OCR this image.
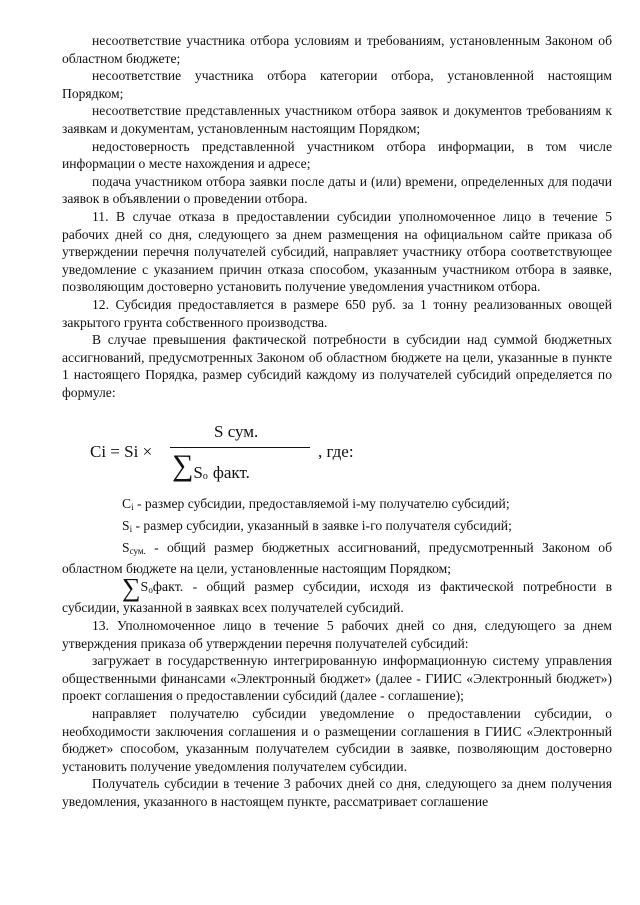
несоответствие участника отбора условиям и требованиям, установленным Законом об областном бюджете;

несоответствие участника отбора категории отбора, установленной настоящим Порядком;

несоответствие представленных участником отбора заявок и документов требованиям к заявкам и документам, установленным настоящим Порядком;

недостоверность представленной участником отбора информации, в том числе информации о месте нахождения и адресе;

подача участником отбора заявки после даты и (или) времени, определенных для подачи заявок в объявлении о проведении отбора.

11. В случае отказа в предоставлении субсидии уполномоченное лицо в течение 5 рабочих дней со дня, следующего за днем размещения на официальном сайте приказа об утверждении перечня получателей субсидий, направляет участнику отбора соответствующее уведомление с указанием причин отказа способом, указанным участником отбора в заявке, позволяющим достоверно установить получение уведомления участником отбора.

12. Субсидия предоставляется в размере 650 руб. за 1 тонну реализованных овощей закрытого грунта собственного производства.

В случае превышения фактической потребности в субсидии над суммой бюджетных ассигнований, предусмотренных Законом об областном бюджете на цели, указанные в пункте 1 настоящего Порядка, размер субсидий каждому из получателей субсидий определяется по формуле:

Ci = Si ×
S сум.
∑ S о факт.
, где:

Ci - размер субсидии, предоставляемой i-му получателю субсидий;

Si - размер субсидии, указанный в заявке i-го получателя субсидий;

Sсум. - общий размер бюджетных ассигнований, предусмотренный Законом об областном бюджете на цели, установленные настоящим Порядком;

∑Soфакт. - общий размер субсидии, исходя из фактической потребности в субсидии, указанной в заявках всех получателей субсидий.

13. Уполномоченное лицо в течение 5 рабочих дней со дня, следующего за днем утверждения приказа об утверждении перечня получателей субсидий:

загружает в государственную интегрированную информационную систему управления общественными финансами «Электронный бюджет» (далее - ГИИС «Электронный бюджет») проект соглашения о предоставлении субсидий (далее - соглашение);

направляет получателю субсидии уведомление о предоставлении субсидии, о необходимости заключения соглашения и о размещении соглашения в ГИИС «Электронный бюджет» способом, указанным получателем субсидии в заявке, позволяющим достоверно установить получение уведомления получателем субсидии.

Получатель субсидии в течение 3 рабочих дней со дня, следующего за днем получения уведомления, указанного в настоящем пункте, рассматривает соглашение
